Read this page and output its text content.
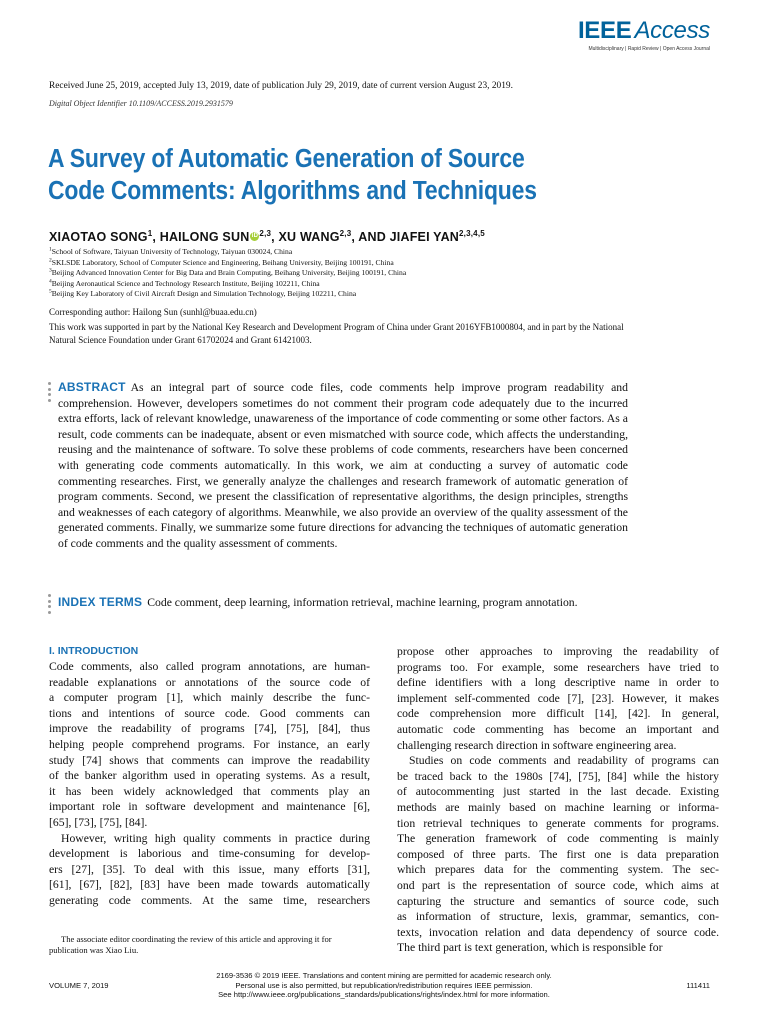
IEEE Access
Multidisciplinary | Rapid Review | Open Access Journal
Received June 25, 2019, accepted July 13, 2019, date of publication July 29, 2019, date of current version August 23, 2019.
Digital Object Identifier 10.1109/ACCESS.2019.2931579
A Survey of Automatic Generation of Source
Code Comments: Algorithms and Techniques
XIAOTAO SONG$^1$, HAILONG SUN iD$^{2,3}$, XU WANG$^{2,3}$, AND JIAFEI YAN$^{2,3,4,5}$
$^1$School of Software, Taiyuan University of Technology, Taiyuan 030024, China
$^2$SKLSDE Laboratory, School of Computer Science and Engineering, Beihang University, Beijing 100191, China
$^3$Beijing Advanced Innovation Center for Big Data and Brain Computing, Beihang University, Beijing 100191, China
$^4$Beijing Aeronautical Science and Technology Research Institute, Beijing 102211, China
$^5$Beijing Key Laboratory of Civil Aircraft Design and Simulation Technology, Beijing 102211, China
Corresponding author: Hailong Sun (sunhl@buaa.edu.cn)
This work was supported in part by the National Key Research and Development Program of China under Grant 2016YFB1000804, and in part by the National Natural Science Foundation under Grant 61702024 and Grant 61421003.
ABSTRACT As an integral part of source code files, code comments help improve program readability and comprehension. However, developers sometimes do not comment their program code adequately due to the incurred extra efforts, lack of relevant knowledge, unawareness of the importance of code commenting or some other factors. As a result, code comments can be inadequate, absent or even mismatched with source code, which affects the understanding, reusing and the maintenance of software. To solve these problems of code comments, researchers have been concerned with generating code comments automatically. In this work, we aim at conducting a survey of automatic code commenting researches. First, we generally analyze the challenges and research framework of automatic generation of program comments. Second, we present the classification of representative algorithms, the design principles, strengths and weaknesses of each category of algorithms. Meanwhile, we also provide an overview of the quality assessment of the generated comments. Finally, we summarize some future directions for advancing the techniques of automatic generation of code comments and the quality assessment of comments.
INDEX TERMS Code comment, deep learning, information retrieval, machine learning, program annotation.
I. INTRODUCTION
Code comments, also called program annotations, are human-
readable explanations or annotations of the source code of
a computer program [1], which mainly describe the func-
tions and intentions of source code. Good comments can
improve the readability of programs [74], [75], [84], thus
helping people comprehend programs. For instance, an early
study [74] shows that comments can improve the readability
of the banker algorithm used in operating systems. As a result,
it has been widely acknowledged that comments play an
important role in software development and maintenance [6],
[65], [73], [75], [84].
However, writing high quality comments in practice during
development is laborious and time-consuming for develop-
ers [27], [35]. To deal with this issue, many efforts [31],
[61], [67], [82], [83] have been made towards automatically
generating code comments. At the same time, researchers
propose other approaches to improving the readability of
programs too. For example, some researchers have tried to
define identifiers with a long descriptive name in order to
implement self-commented code [7], [23]. However, it makes
code comprehension more difficult [14], [42]. In general,
automatic code commenting has become an important and
challenging research direction in software engineering area.
Studies on code comments and readability of programs can
be traced back to the 1980s [74], [75], [84] while the history
of autocommenting just started in the last decade. Existing
methods are mainly based on machine learning or informa-
tion retrieval techniques to generate comments for programs.
The generation framework of code commenting is mainly
composed of three parts. The first one is data preparation
which prepares data for the commenting system. The sec-
ond part is the representation of source code, which aims at
capturing the structure and semantics of source code, such
as information of structure, lexis, grammar, semantics, con-
texts, invocation relation and data dependency of source code.
The third part is text generation, which is responsible for

The associate editor coordinating the review of this article and approving it for publication was Xiao Liu.

VOLUME 7, 2019
2169-3536 © 2019 IEEE. Translations and content mining are permitted for academic research only.
Personal use is also permitted, but republication/redistribution requires IEEE permission.
See http://www.ieee.org/publications_standards/publications/rights/index.html for more information.
111411
